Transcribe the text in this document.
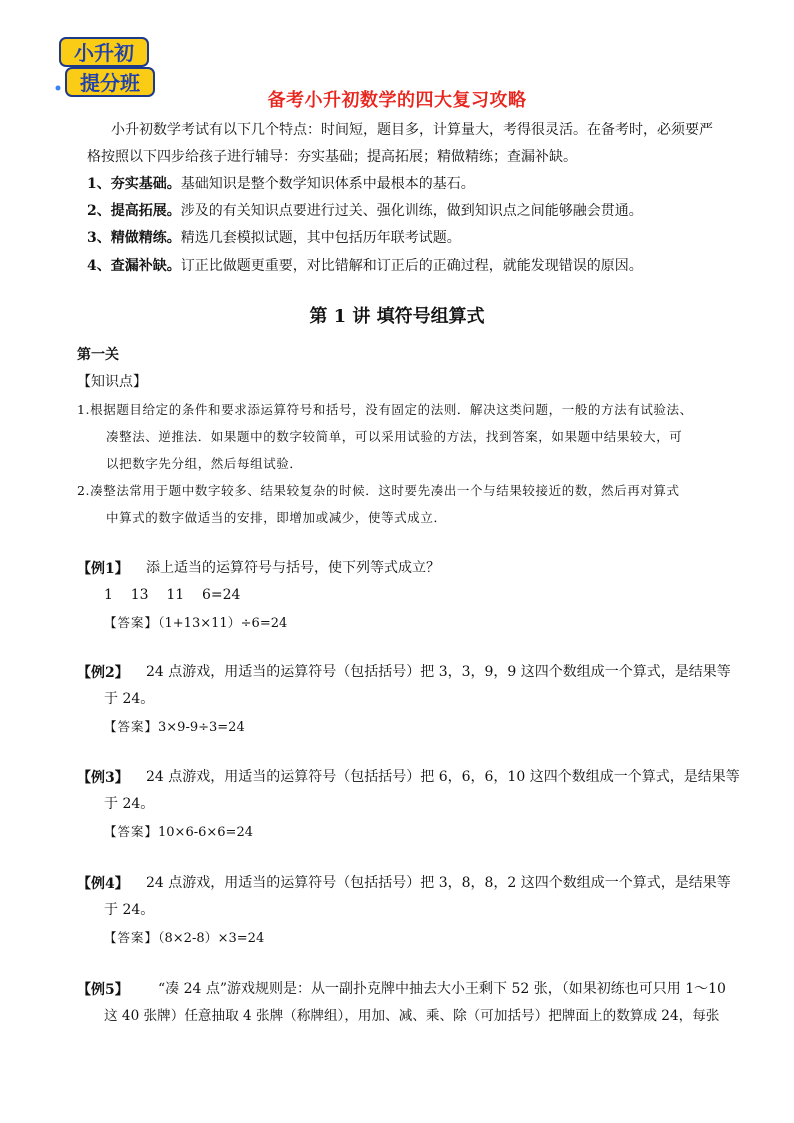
小升初
提分班
备考小升初数学的四大复习攻略
小升初数学考试有以下几个特点：时间短，题目多，计算量大，考得很灵活。在备考时，必须要严
格按照以下四步给孩子进行辅导：夯实基础；提高拓展；精做精练；查漏补缺。
1、夯实基础。基础知识是整个数学知识体系中最根本的基石。
2、提高拓展。涉及的有关知识点要进行过关、强化训练，做到知识点之间能够融会贯通。
3、精做精练。精选几套模拟试题，其中包括历年联考试题。
4、查漏补缺。订正比做题更重要，对比错解和订正后的正确过程，就能发现错误的原因。
第 1 讲 填符号组算式
第一关
【知识点】
1.根据题目给定的条件和要求添运算符号和括号，没有固定的法则．解决这类问题，一般的方法有试验法、
凑整法、逆推法．如果题中的数字较简单，可以采用试验的方法，找到答案，如果题中结果较大，可
以把数字先分组，然后每组试验．
2.凑整法常用于题中数字较多、结果较复杂的时候．这时要先凑出一个与结果较接近的数，然后再对算式
中算式的数字做适当的安排，即增加或减少，使等式成立．
【例1】 添上适当的运算符号与括号，使下列等式成立？
1    13    11    6=24
【答案】（1+13×11）÷6=24
【例2】 24 点游戏，用适当的运算符号（包括括号）把 3，3，9，9 这四个数组成一个算式，是结果等
于 24。
【答案】3×9-9÷3=24
【例3】 24 点游戏，用适当的运算符号（包括括号）把 6，6，6，10 这四个数组成一个算式，是结果等
于 24。
【答案】10×6-6×6=24
【例4】 24 点游戏，用适当的运算符号（包括括号）把 3，8，8，2 这四个数组成一个算式，是结果等
于 24。
【答案】（8×2-8）×3=24
【例5】 “凑 24 点”游戏规则是：从一副扑克牌中抽去大小王剩下 52 张，（如果初练也可只用 1～10
这 40 张牌）任意抽取 4 张牌（称牌组），用加、减、乘、除（可加括号）把牌面上的数算成 24，每张
